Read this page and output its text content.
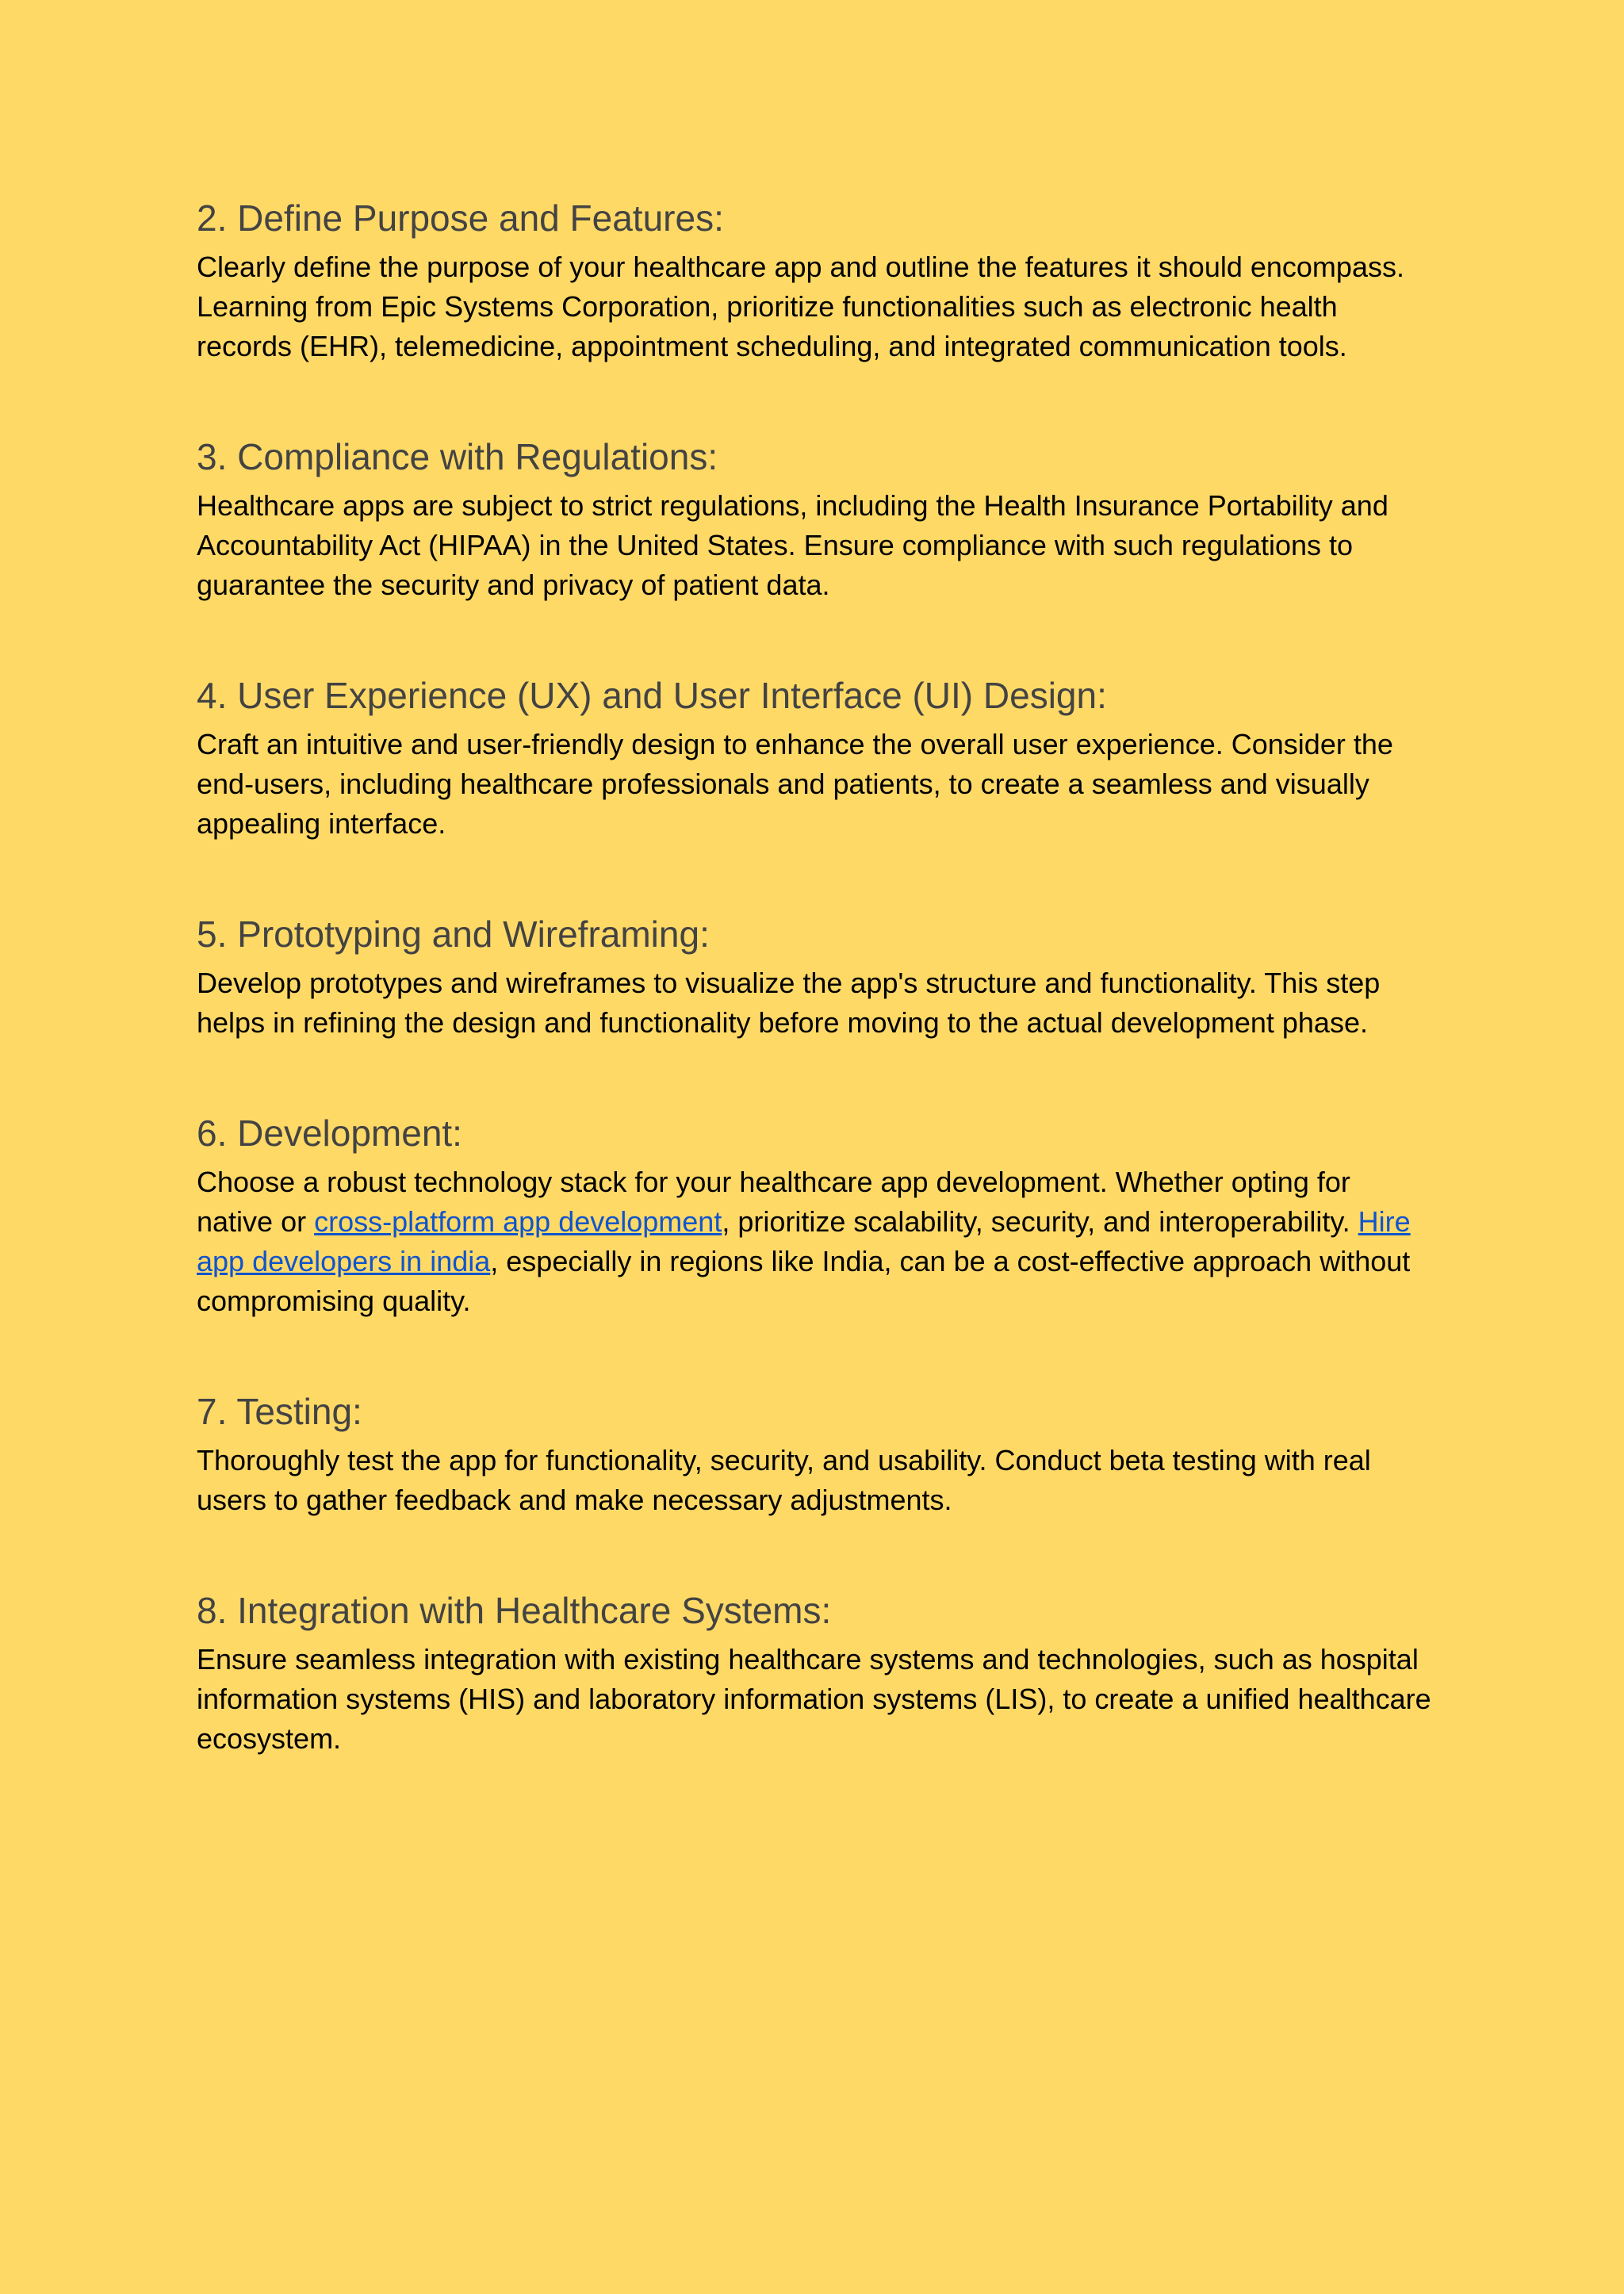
2. Define Purpose and Features:

Clearly define the purpose of your healthcare app and outline the features it should encompass. Learning from Epic Systems Corporation, prioritize functionalities such as electronic health records (EHR), telemedicine, appointment scheduling, and integrated communication tools.

3. Compliance with Regulations:

Healthcare apps are subject to strict regulations, including the Health Insurance Portability and Accountability Act (HIPAA) in the United States. Ensure compliance with such regulations to guarantee the security and privacy of patient data.

4. User Experience (UX) and User Interface (UI) Design:

Craft an intuitive and user-friendly design to enhance the overall user experience. Consider the end-users, including healthcare professionals and patients, to create a seamless and visually appealing interface.

5. Prototyping and Wireframing:

Develop prototypes and wireframes to visualize the app's structure and functionality. This step helps in refining the design and functionality before moving to the actual development phase.

6. Development:

Choose a robust technology stack for your healthcare app development. Whether opting for native or cross-platform app development, prioritize scalability, security, and interoperability. Hire app developers in india, especially in regions like India, can be a cost-effective approach without compromising quality.

7. Testing:

Thoroughly test the app for functionality, security, and usability. Conduct beta testing with real users to gather feedback and make necessary adjustments.

8. Integration with Healthcare Systems:

Ensure seamless integration with existing healthcare systems and technologies, such as hospital information systems (HIS) and laboratory information systems (LIS), to create a unified healthcare ecosystem.
